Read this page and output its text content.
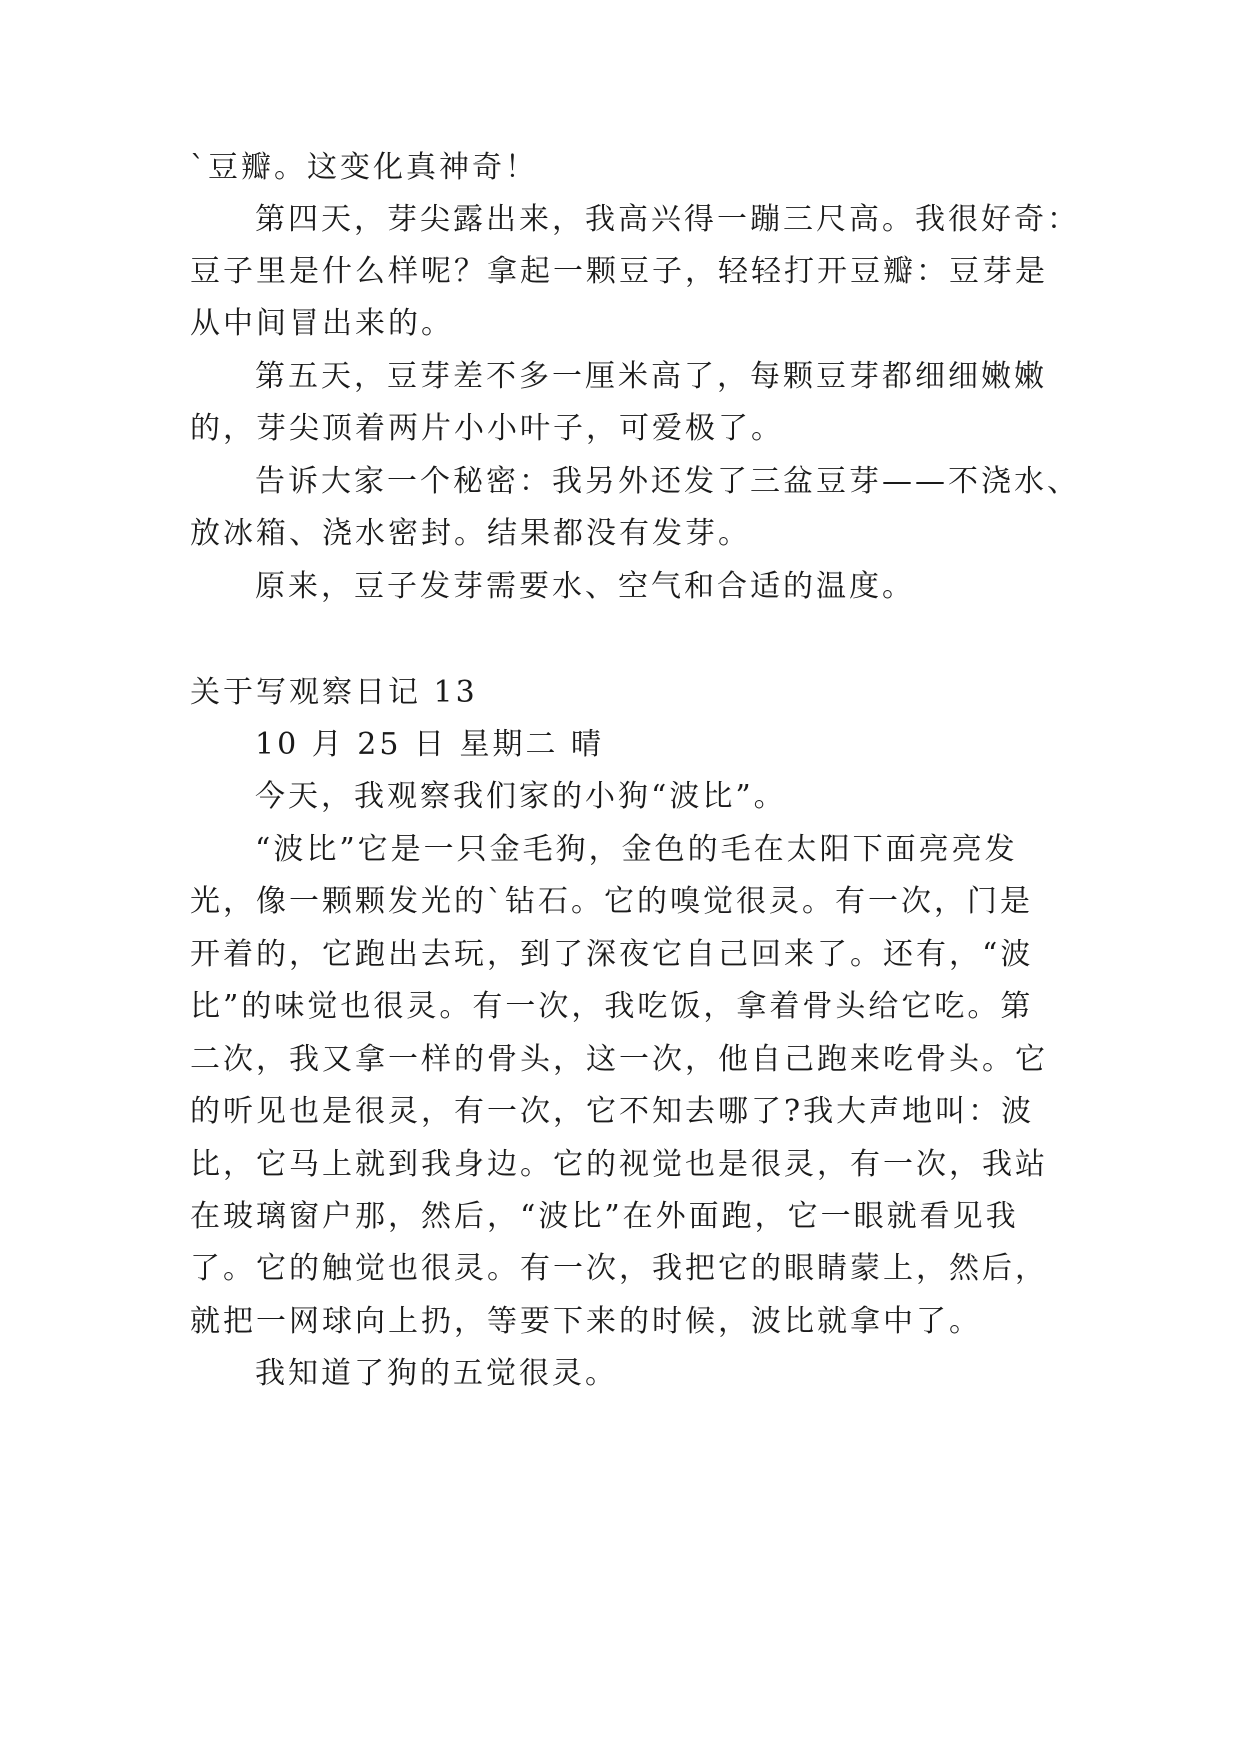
`豆瓣。这变化真神奇！
第四天，芽尖露出来，我高兴得一蹦三尺高。我很好奇：
豆子里是什么样呢？拿起一颗豆子，轻轻打开豆瓣：豆芽是
从中间冒出来的。
第五天，豆芽差不多一厘米高了，每颗豆芽都细细嫩嫩
的，芽尖顶着两片小小叶子，可爱极了。
告诉大家一个秘密：我另外还发了三盆豆芽——不浇水、
放冰箱、浇水密封。结果都没有发芽。
原来，豆子发芽需要水、空气和合适的温度。
关于写观察日记 13
10 月 25 日 星期二 晴
今天，我观察我们家的小狗“波比”。
“波比”它是一只金毛狗，金色的毛在太阳下面亮亮发
光，像一颗颗发光的`钻石。它的嗅觉很灵。有一次，门是
开着的，它跑出去玩，到了深夜它自己回来了。还有，“波
比”的味觉也很灵。有一次，我吃饭，拿着骨头给它吃。第
二次，我又拿一样的骨头，这一次，他自己跑来吃骨头。它
的听见也是很灵，有一次，它不知去哪了?我大声地叫：波
比，它马上就到我身边。它的视觉也是很灵，有一次，我站
在玻璃窗户那，然后，“波比”在外面跑，它一眼就看见我
了。它的触觉也很灵。有一次，我把它的眼睛蒙上，然后，
就把一网球向上扔，等要下来的时候，波比就拿中了。
我知道了狗的五觉很灵。
